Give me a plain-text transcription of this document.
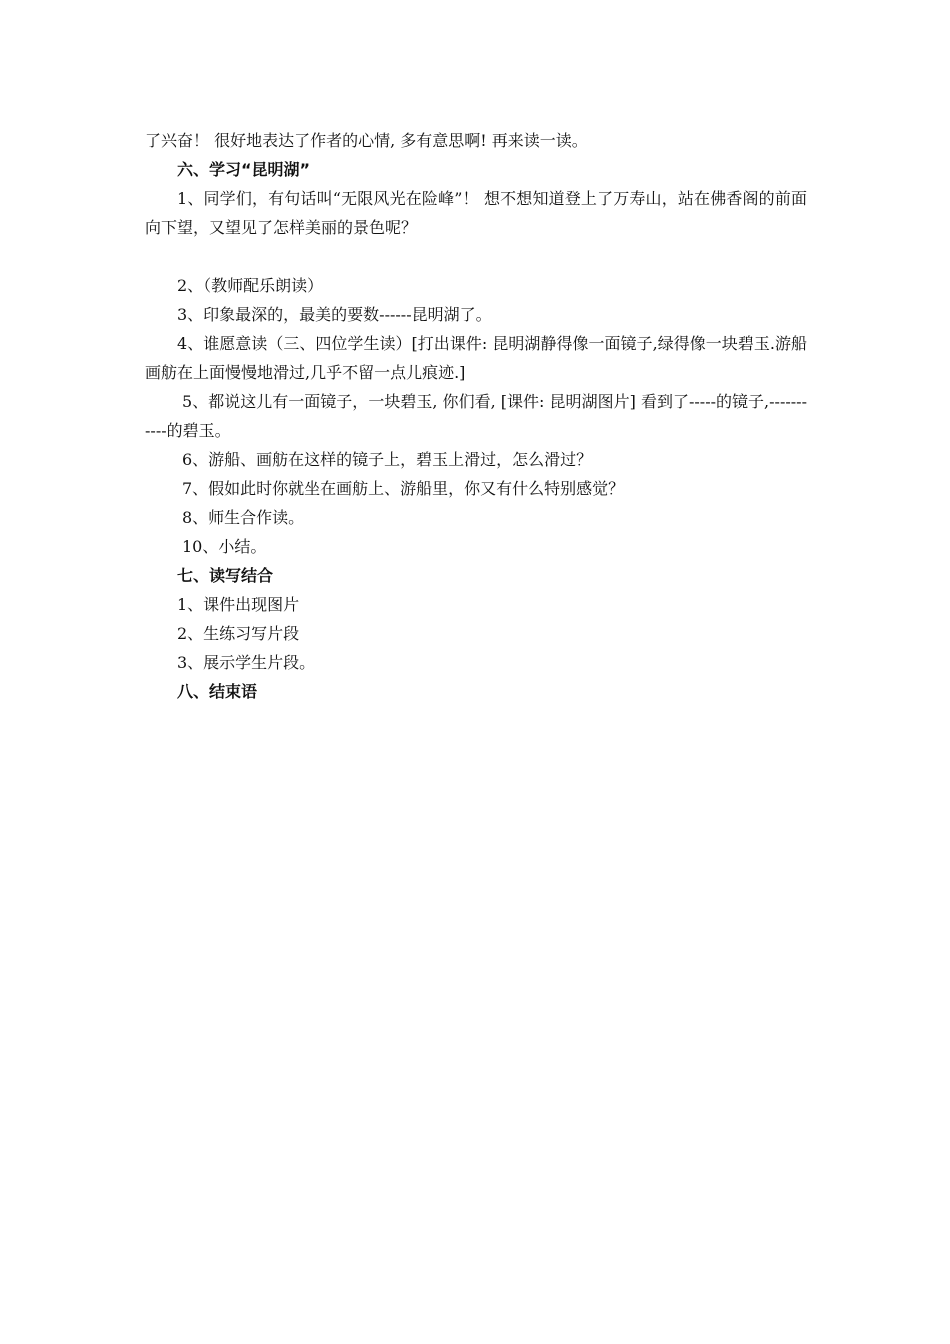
了兴奋！ 很好地表达了作者的心情, 多有意思啊! 再来读一读。
六、学习“昆明湖”
1、同学们，有句话叫“无限风光在险峰”！ 想不想知道登上了万寿山，站在佛香阁的前面向下望，又望见了怎样美丽的景色呢？
2、（教师配乐朗读）
3、印象最深的，最美的要数------昆明湖了。
4、谁愿意读（三、四位学生读）[打出课件: 昆明湖静得像一面镜子,绿得像一块碧玉.游船画舫在上面慢慢地滑过,几乎不留一点儿痕迹.]
5、都说这儿有一面镜子，一块碧玉, 你们看, [课件: 昆明湖图片] 看到了-----的镜子,-----------的碧玉。
6、游船、画舫在这样的镜子上，碧玉上滑过，怎么滑过？
7、假如此时你就坐在画舫上、游船里，你又有什么特别感觉？
8、师生合作读。
10、小结。
七、读写结合
1、课件出现图片
2、生练习写片段
3、展示学生片段。
八、结束语
